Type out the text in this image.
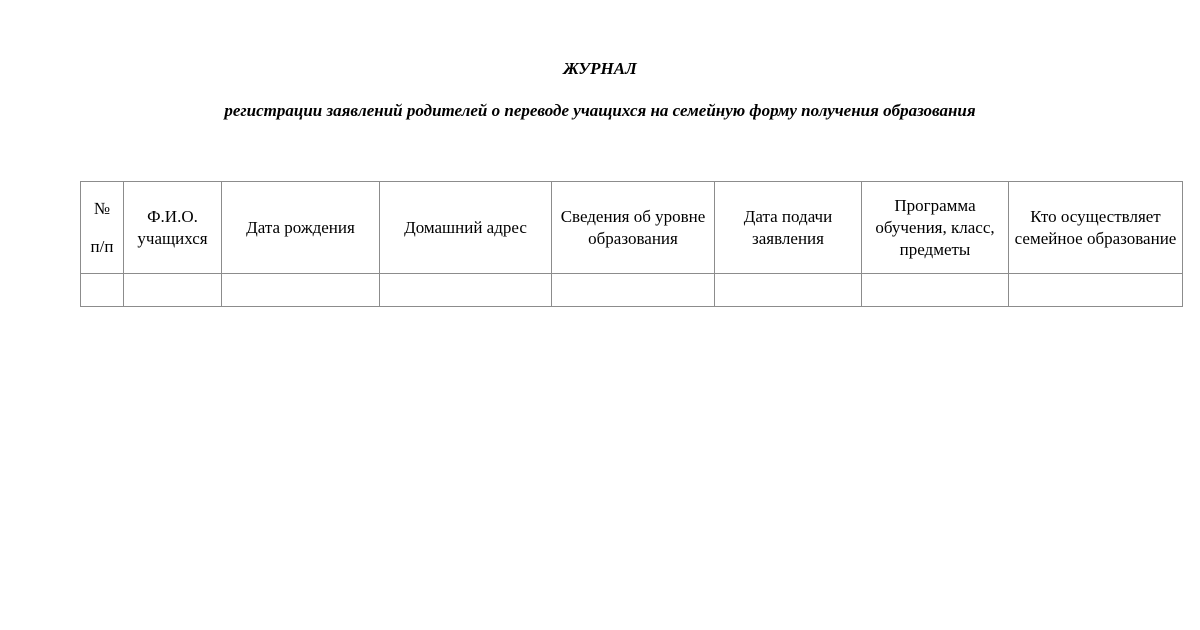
ЖУРНАЛ
регистрации заявлений родителей о переводе учащихся на семейную форму получения образования
№
п/п	Ф.И.О. учащихся	Дата рождения	Домашний адрес	Сведения об уровне образования	Дата подачи заявления	Программа обучения, класс, предметы	Кто осуществляет семейное образование
